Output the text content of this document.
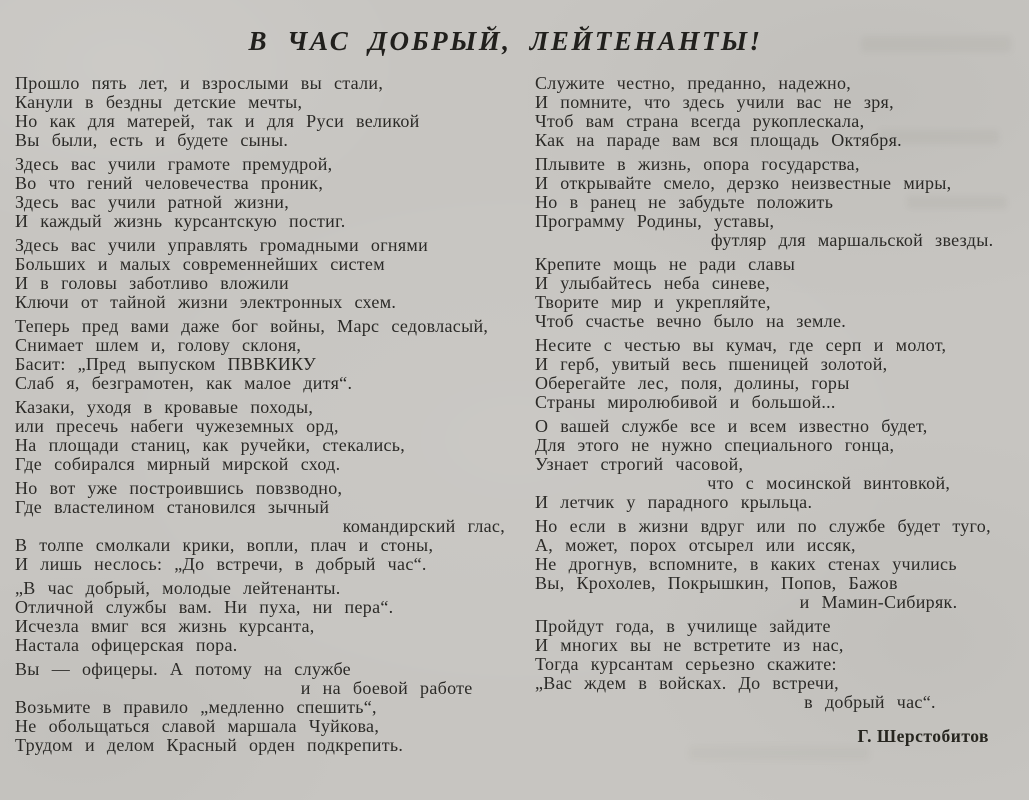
В ЧАС ДОБРЫЙ, ЛЕЙТЕНАНТЫ!
Прошло пять лет, и взрослыми вы стали,
Канули в бездны детские мечты,
Но как для матерей, так и для Руси великой
Вы были, есть и будете сыны.
Здесь вас учили грамоте премудрой,
Во что гений человечества проник,
Здесь вас учили ратной жизни,
И каждый жизнь курсантскую постиг.
Здесь вас учили управлять громадными огнями
Больших и малых современнейших систем
И в головы заботливо вложили
Ключи от тайной жизни электронных схем.
Теперь пред вами даже бог войны, Марс седовласый,
Снимает шлем и, голову склоня,
Басит: „Пред выпуском ПВВКИКУ
Слаб я, безграмотен, как малое дитя“.
Казаки, уходя в кровавые походы,
или пресечь набеги чужеземных орд,
На площади станиц, как ручейки, стекались,
Где собирался мирный мирской сход.
Но вот уже построившись повзводно,
Где властелином становился зычный
командирский глас,
В толпе смолкали крики, вопли, плач и стоны,
И лишь неслось: „До встречи, в добрый час“.
„В час добрый, молодые лейтенанты.
Отличной службы вам. Ни пуха, ни пера“.
Исчезла вмиг вся жизнь курсанта,
Настала офицерская пора.
Вы — офицеры. А потому на службе
и на боевой работе
Возьмите в правило „медленно спешить“,
Не обольщаться славой маршала Чуйкова,
Трудом и делом Красный орден подкрепить.
Служите честно, преданно, надежно,
И помните, что здесь учили вас не зря,
Чтоб вам страна всегда рукоплескала,
Как на параде вам вся площадь Октября.
Плывите в жизнь, опора государства,
И открывайте смело, дерзко неизвестные миры,
Но в ранец не забудьте положить
Программу Родины, уставы,
футляр для маршальской звезды.
Крепите мощь не ради славы
И улыбайтесь неба синеве,
Творите мир и укрепляйте,
Чтоб счастье вечно было на земле.
Несите с честью вы кумач, где серп и молот,
И герб, увитый весь пшеницей золотой,
Оберегайте лес, поля, долины, горы
Страны миролюбивой и большой...
О вашей службе все и всем известно будет,
Для этого не нужно специального гонца,
Узнает строгий часовой,
что с мосинской винтовкой,
И летчик у парадного крыльца.
Но если в жизни вдруг или по службе будет туго,
А, может, порох отсырел или иссяк,
Не дрогнув, вспомните, в каких стенах учились
Вы, Крохолев, Покрышкин, Попов, Бажов
и Мамин-Сибиряк.
Пройдут года, в училище зайдите
И многих вы не встретите из нас,
Тогда курсантам серьезно скажите:
„Вас ждем в войсках. До встречи,
в добрый час“.
Г. Шерстобитов
